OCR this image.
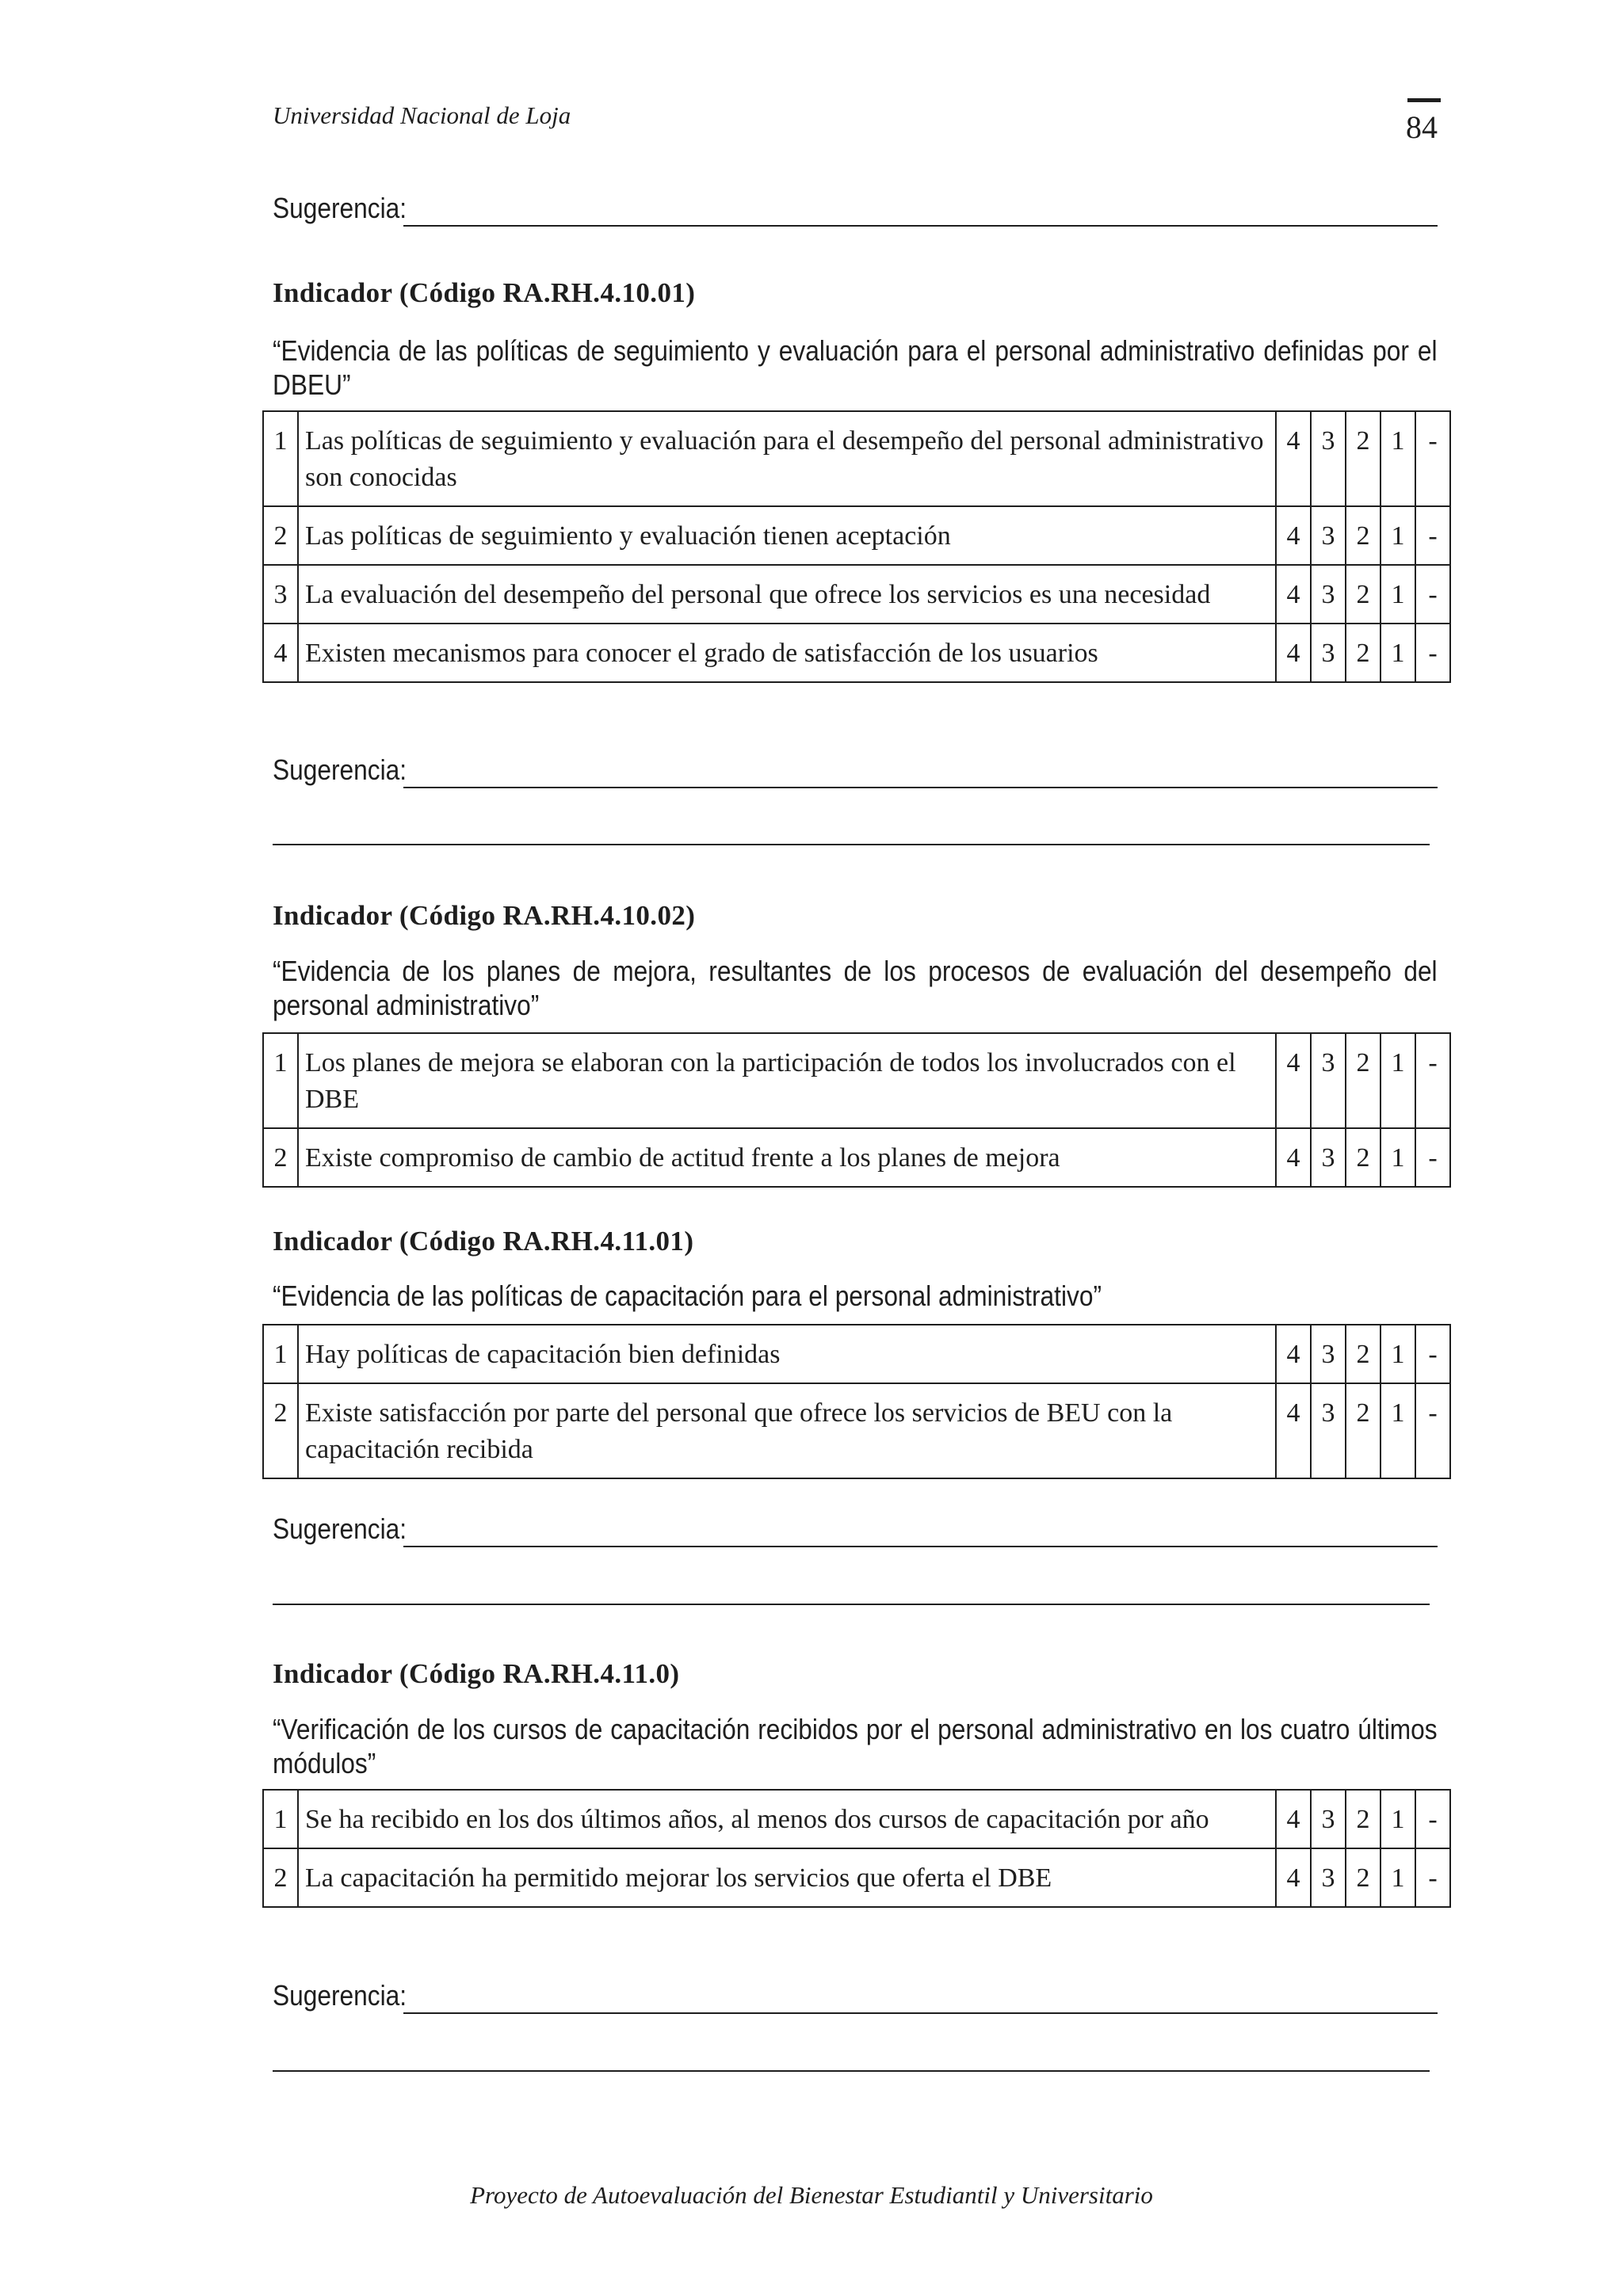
Universidad Nacional de Loja	84
Sugerencia:
Indicador (Código RA.RH.4.10.01)
“Evidencia de las políticas de seguimiento y evaluación para el personal administrativo definidas por el DBEU”
1	Las políticas de seguimiento y evaluación para el desempeño del personal administrativo son conocidas	4	3	2	1	-
2	Las políticas de seguimiento y evaluación tienen aceptación	4	3	2	1	-
3	La evaluación del desempeño del personal que ofrece los servicios es una necesidad	4	3	2	1	-
4	Existen mecanismos para conocer el grado de satisfacción de los usuarios	4	3	2	1	-
Sugerencia:
Indicador (Código RA.RH.4.10.02)
“Evidencia de los planes de mejora, resultantes de los procesos de evaluación del desempeño del personal administrativo”
1	Los planes de mejora se elaboran con la participación de todos los involucrados con el DBE	4	3	2	1	-
2	Existe compromiso de cambio de actitud frente a los planes de mejora	4	3	2	1	-
Indicador (Código RA.RH.4.11.01)
“Evidencia de las políticas de capacitación para el personal administrativo”
1	Hay políticas de capacitación bien definidas	4	3	2	1	-
2	Existe satisfacción por parte del personal que ofrece los servicios de BEU con la capacitación recibida	4	3	2	1	-
Sugerencia:
Indicador (Código RA.RH.4.11.0)
“Verificación de los cursos de capacitación recibidos por el personal administrativo en los cuatro últimos módulos”
1	Se ha recibido en los dos últimos años, al menos dos cursos de capacitación por año	4	3	2	1	-
2	La capacitación ha permitido mejorar los servicios que oferta el DBE	4	3	2	1	-
Sugerencia:
Proyecto de Autoevaluación del Bienestar Estudiantil y Universitario
